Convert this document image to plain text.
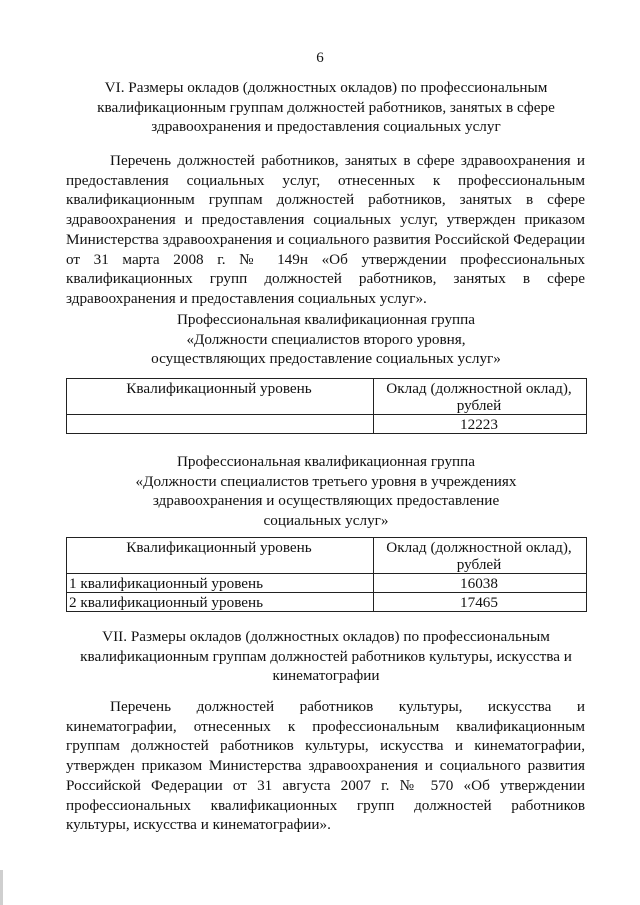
6
VI. Размеры окладов (должностных окладов) по профессиональным
квалификационным группам должностей работников, занятых в сфере
здравоохранения и предоставления социальных услуг
Перечень должностей работников, занятых в сфере здравоохранения и
предоставления социальных услуг, отнесенных к профессиональным
квалификационным группам должностей работников, занятых в сфере
здравоохранения и предоставления социальных услуг, утвержден приказом
Министерства здравоохранения и социального развития Российской Федерации
от 31 марта 2008 г. № 149н «Об утверждении профессиональных
квалификационных групп должностей работников, занятых в сфере
здравоохранения и предоставления социальных услуг».
Профессиональная квалификационная группа
«Должности специалистов второго уровня,
осуществляющих предоставление социальных услуг»
Квалификационный уровень	Оклад (должностной оклад), рублей
	12223
Профессиональная квалификационная группа
«Должности специалистов третьего уровня в учреждениях
здравоохранения и осуществляющих предоставление
социальных услуг»
Квалификационный уровень	Оклад (должностной оклад), рублей
1 квалификационный уровень	16038
2 квалификационный уровень	17465
VII. Размеры окладов (должностных окладов) по профессиональным
квалификационным группам должностей работников культуры, искусства и
кинематографии
Перечень должностей работников культуры, искусства и
кинематографии, отнесенных к профессиональным квалификационным
группам должностей работников культуры, искусства и кинематографии,
утвержден приказом Министерства здравоохранения и социального развития
Российской Федерации от 31 августа 2007 г. № 570 «Об утверждении
профессиональных квалификационных групп должностей работников
культуры, искусства и кинематографии».
